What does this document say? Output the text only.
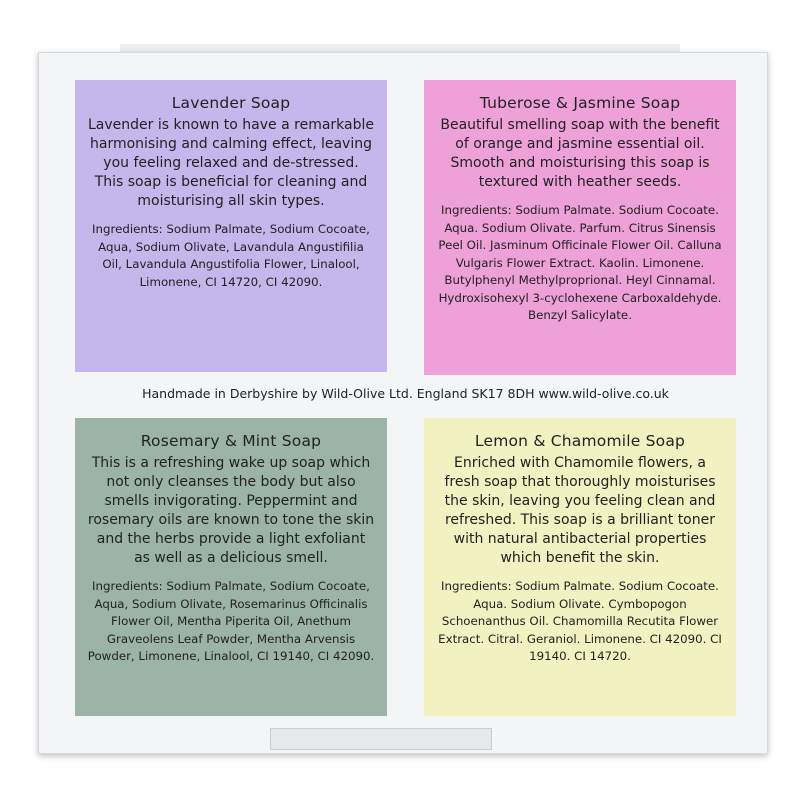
Lavender Soap

Lavender is known to have a remarkable harmonising and calming effect, leaving you feeling relaxed and de-stressed. This soap is beneficial for cleaning and moisturising all skin types.

Ingredients: Sodium Palmate, Sodium Cocoate, Aqua, Sodium Olivate, Lavandula Angustifilia Oil, Lavandula Angustifolia Flower, Linalool, Limonene, CI 14720, CI 42090.

Tuberose & Jasmine Soap

Beautiful smelling soap with the benefit of orange and jasmine essential oil. Smooth and moisturising this soap is textured with heather seeds.

Ingredients: Sodium Palmate. Sodium Cocoate. Aqua. Sodium Olivate. Parfum. Citrus Sinensis Peel Oil. Jasminum Officinale Flower Oil. Calluna Vulgaris Flower Extract. Kaolin. Limonene. Butylphenyl Methylproprional. Heyl Cinnamal. Hydroxisohexyl 3-cyclohexene Carboxaldehyde. Benzyl Salicylate.

Handmade in Derbyshire by Wild-Olive Ltd. England SK17 8DH www.wild-olive.co.uk
Rosemary & Mint Soap

This is a refreshing wake up soap which not only cleanses the body but also smells invigorating. Peppermint and rosemary oils are known to tone the skin and the herbs provide a light exfoliant as well as a delicious smell.

Ingredients: Sodium Palmate, Sodium Cocoate, Aqua, Sodium Olivate, Rosemarinus Officinalis Flower Oil, Mentha Piperita Oil, Anethum Graveolens Leaf Powder, Mentha Arvensis Powder, Limonene, Linalool, CI 19140, CI 42090.

Lemon & Chamomile Soap

Enriched with Chamomile flowers, a fresh soap that thoroughly moisturises the skin, leaving you feeling clean and refreshed. This soap is a brilliant toner with natural antibacterial properties which benefit the skin.

Ingredients: Sodium Palmate. Sodium Cocoate. Aqua. Sodium Olivate. Cymbopogon Schoenanthus Oil. Chamomilla Recutita Flower Extract. Citral. Geraniol. Limonene. CI 42090. CI 19140. CI 14720.
